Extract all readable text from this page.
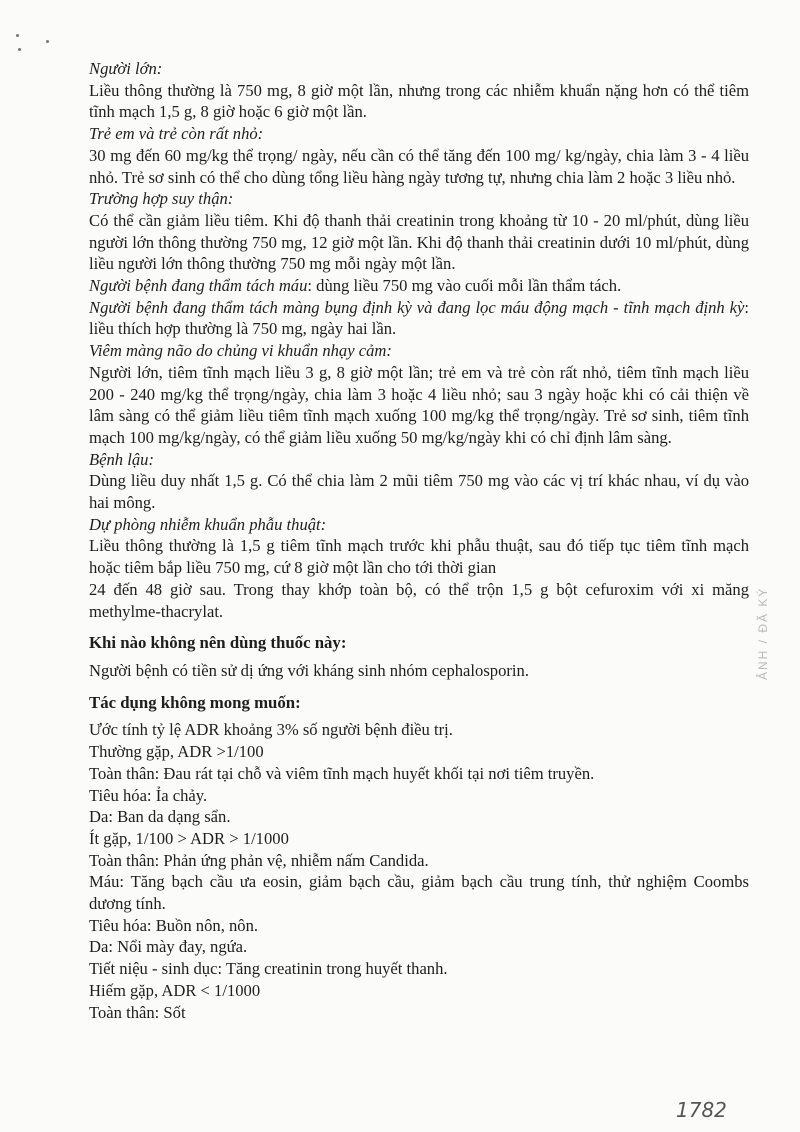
Người lớn:

Liều thông thường là 750 mg, 8 giờ một lần, nhưng trong các nhiễm khuẩn nặng hơn có thể tiêm tĩnh mạch 1,5 g, 8 giờ hoặc 6 giờ một lần.

Trẻ em và trẻ còn rất nhỏ:

30 mg đến 60 mg/kg thể trọng/ ngày, nếu cần có thể tăng đến 100 mg/ kg/ngày, chia làm 3 - 4 liều nhỏ. Trẻ sơ sinh có thể cho dùng tổng liều hàng ngày tương tự, nhưng chia làm 2 hoặc 3 liều nhỏ.

Trường hợp suy thận:

Có thể cần giảm liều tiêm. Khi độ thanh thải creatinin trong khoảng từ 10 - 20 ml/phút, dùng liều người lớn thông thường 750 mg, 12 giờ một lần. Khi độ thanh thải creatinin dưới 10 ml/phút, dùng liều người lớn thông thường 750 mg mỗi ngày một lần.

Người bệnh đang thẩm tách máu: dùng liều 750 mg vào cuối mỗi lần thẩm tách.

Người bệnh đang thẩm tách màng bụng định kỳ và đang lọc máu động mạch - tĩnh mạch định kỳ: liều thích hợp thường là 750 mg, ngày hai lần.

Viêm màng não do chủng vi khuẩn nhạy cảm:

Người lớn, tiêm tĩnh mạch liều 3 g, 8 giờ một lần; trẻ em và trẻ còn rất nhỏ, tiêm tĩnh mạch liều 200 - 240 mg/kg thể trọng/ngày, chia làm 3 hoặc 4 liều nhỏ; sau 3 ngày hoặc khi có cải thiện về lâm sàng có thể giảm liều tiêm tĩnh mạch xuống 100 mg/kg thể trọng/ngày. Trẻ sơ sinh, tiêm tĩnh mạch 100 mg/kg/ngày, có thể giảm liều xuống 50 mg/kg/ngày khi có chỉ định lâm sàng.

Bệnh lậu:

Dùng liều duy nhất 1,5 g. Có thể chia làm 2 mũi tiêm 750 mg vào các vị trí khác nhau, ví dụ vào hai mông.

Dự phòng nhiễm khuẩn phẫu thuật:

Liều thông thường là 1,5 g tiêm tĩnh mạch trước khi phẫu thuật, sau đó tiếp tục tiêm tĩnh mạch hoặc tiêm bắp liều 750 mg, cứ 8 giờ một lần cho tới thời gian

24 đến 48 giờ sau. Trong thay khớp toàn bộ, có thể trộn 1,5 g bột cefuroxim với xi măng methylme-thacrylat.

Khi nào không nên dùng thuốc này:

Người bệnh có tiền sử dị ứng với kháng sinh nhóm cephalosporin.

Tác dụng không mong muốn:

Ước tính tỷ lệ ADR khoảng 3% số người bệnh điều trị.

Thường gặp, ADR >1/100

Toàn thân: Đau rát tại chỗ và viêm tĩnh mạch huyết khối tại nơi tiêm truyền.

Tiêu hóa: Ỉa chảy.

Da: Ban da dạng sẩn.

Ít gặp, 1/100 > ADR > 1/1000

Toàn thân: Phản ứng phản vệ, nhiễm nấm Candida.

Máu: Tăng bạch cầu ưa eosin, giảm bạch cầu, giảm bạch cầu trung tính, thử nghiệm Coombs dương tính.

Tiêu hóa: Buồn nôn, nôn.

Da: Nổi mày đay, ngứa.

Tiết niệu - sinh dục: Tăng creatinin trong huyết thanh.

Hiếm gặp, ADR < 1/1000

Toàn thân: Sốt

ẢNH / ĐÃ KÝ
1782
